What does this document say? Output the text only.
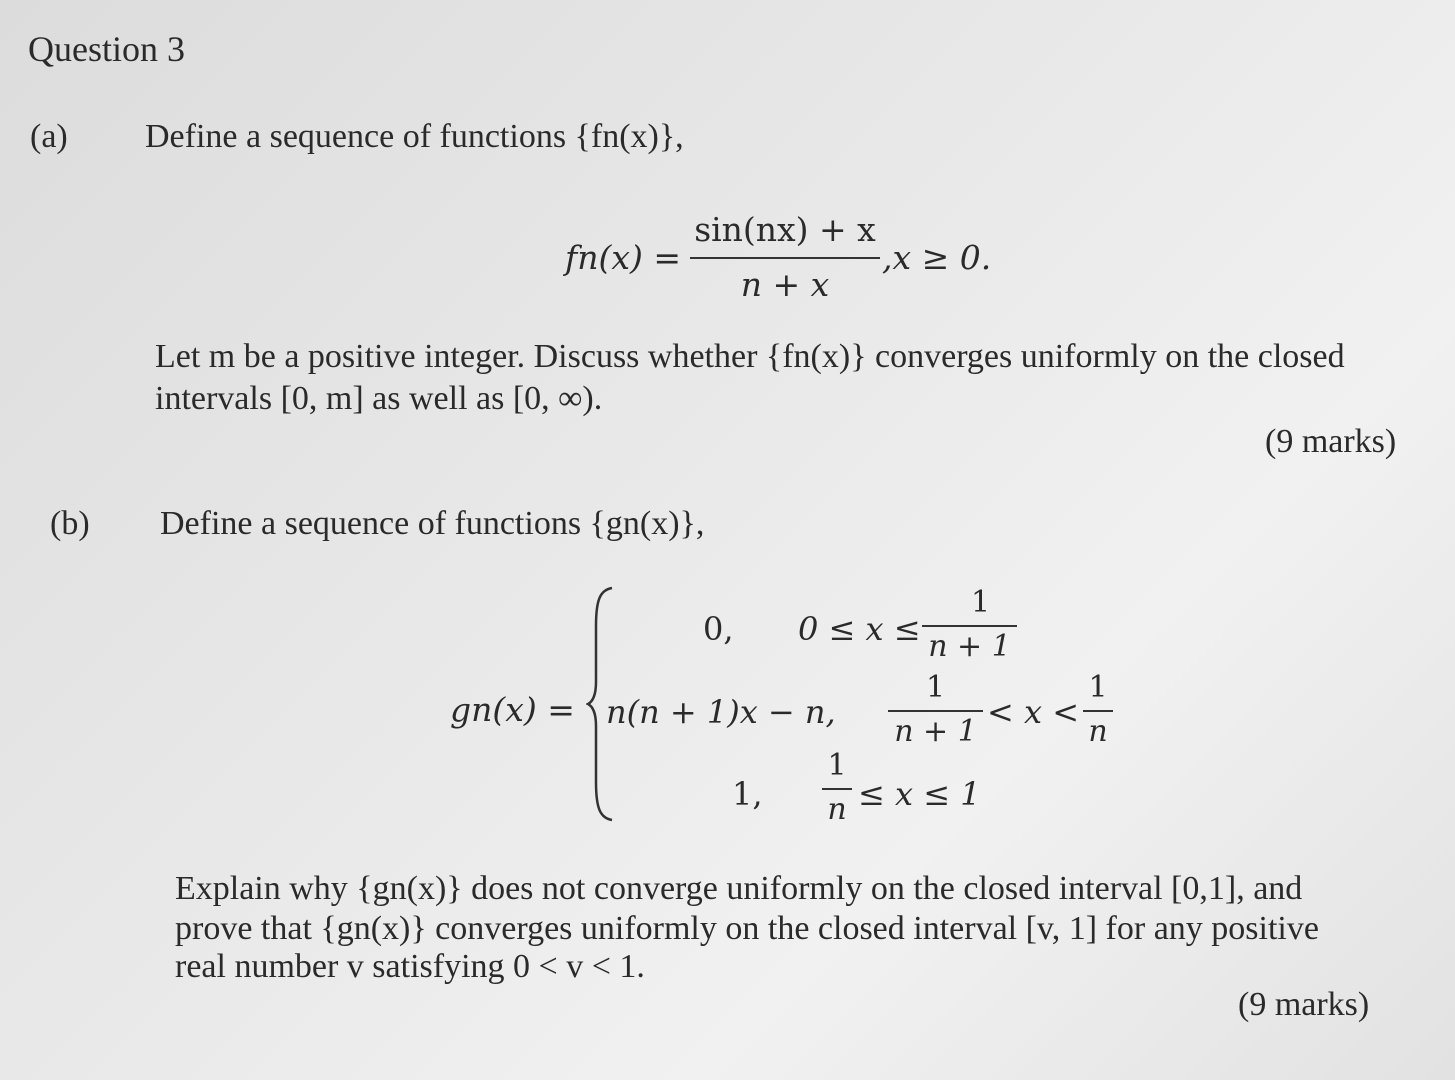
Question 3
(a) Define a sequence of functions {fn(x)},
fn(x) =
sin(nx) + x
n + x
,x ≥ 0.
Let m be a positive integer. Discuss whether {fn(x)} converges uniformly on the closed
intervals [0, m] as well as [0, ∞).
(9 marks)
(b) Define a sequence of functions {gn(x)},
gn(x) =
0, 0 ≤ x ≤
1
n + 1
n(n + 1)x − n,
1
n + 1
< x <
1
n
1,
1
n ≤ x ≤ 1
Explain why {gn(x)} does not converge uniformly on the closed interval [0,1], and
prove that {gn(x)} converges uniformly on the closed interval [v, 1] for any positive
real number v satisfying 0 < v < 1.
(9 marks)
